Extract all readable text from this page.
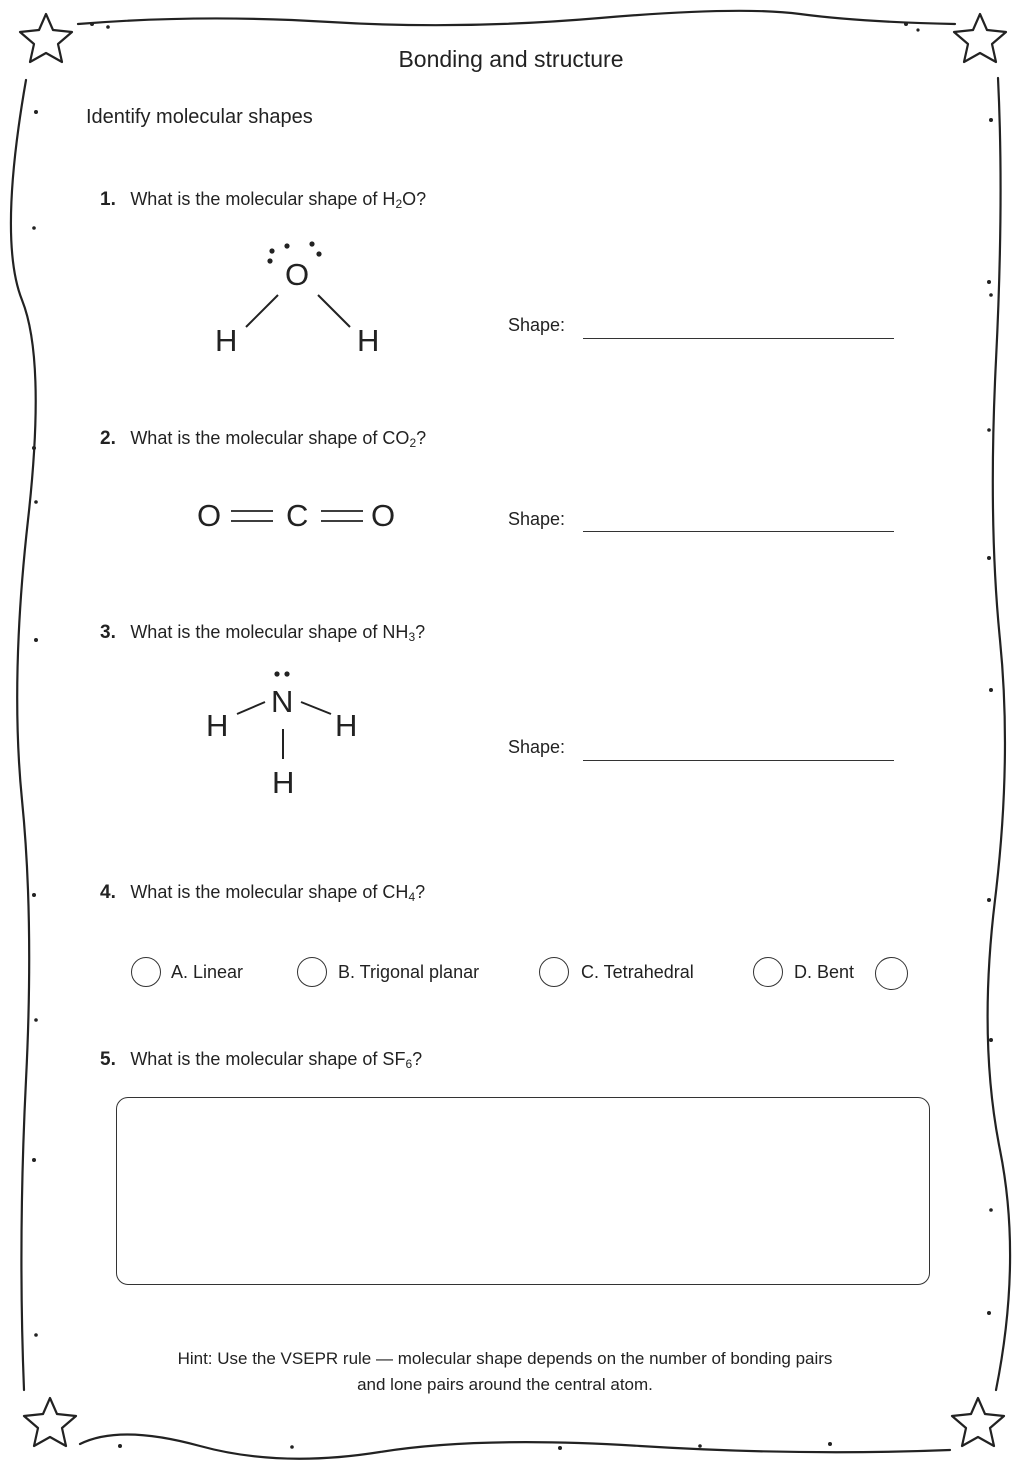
Bonding and structure
Identify molecular shapes
1. What is the molecular shape of $H_2O$?
O
H	H	Shape:
2. What is the molecular shape of $CO_2$?
O C O	Shape:
3. What is the molecular shape of $NH_3$?
N
H	H
H
Shape:
4. What is the molecular shape of $CH_4$?
A. Linear	B. Trigonal planar	C. Tetrahedral	D. Bent
5. What is the molecular shape of $SF_6$?
Hint: Use the VSEPR rule — molecular shape depends on the number of bonding pairs
and lone pairs around the central atom.
